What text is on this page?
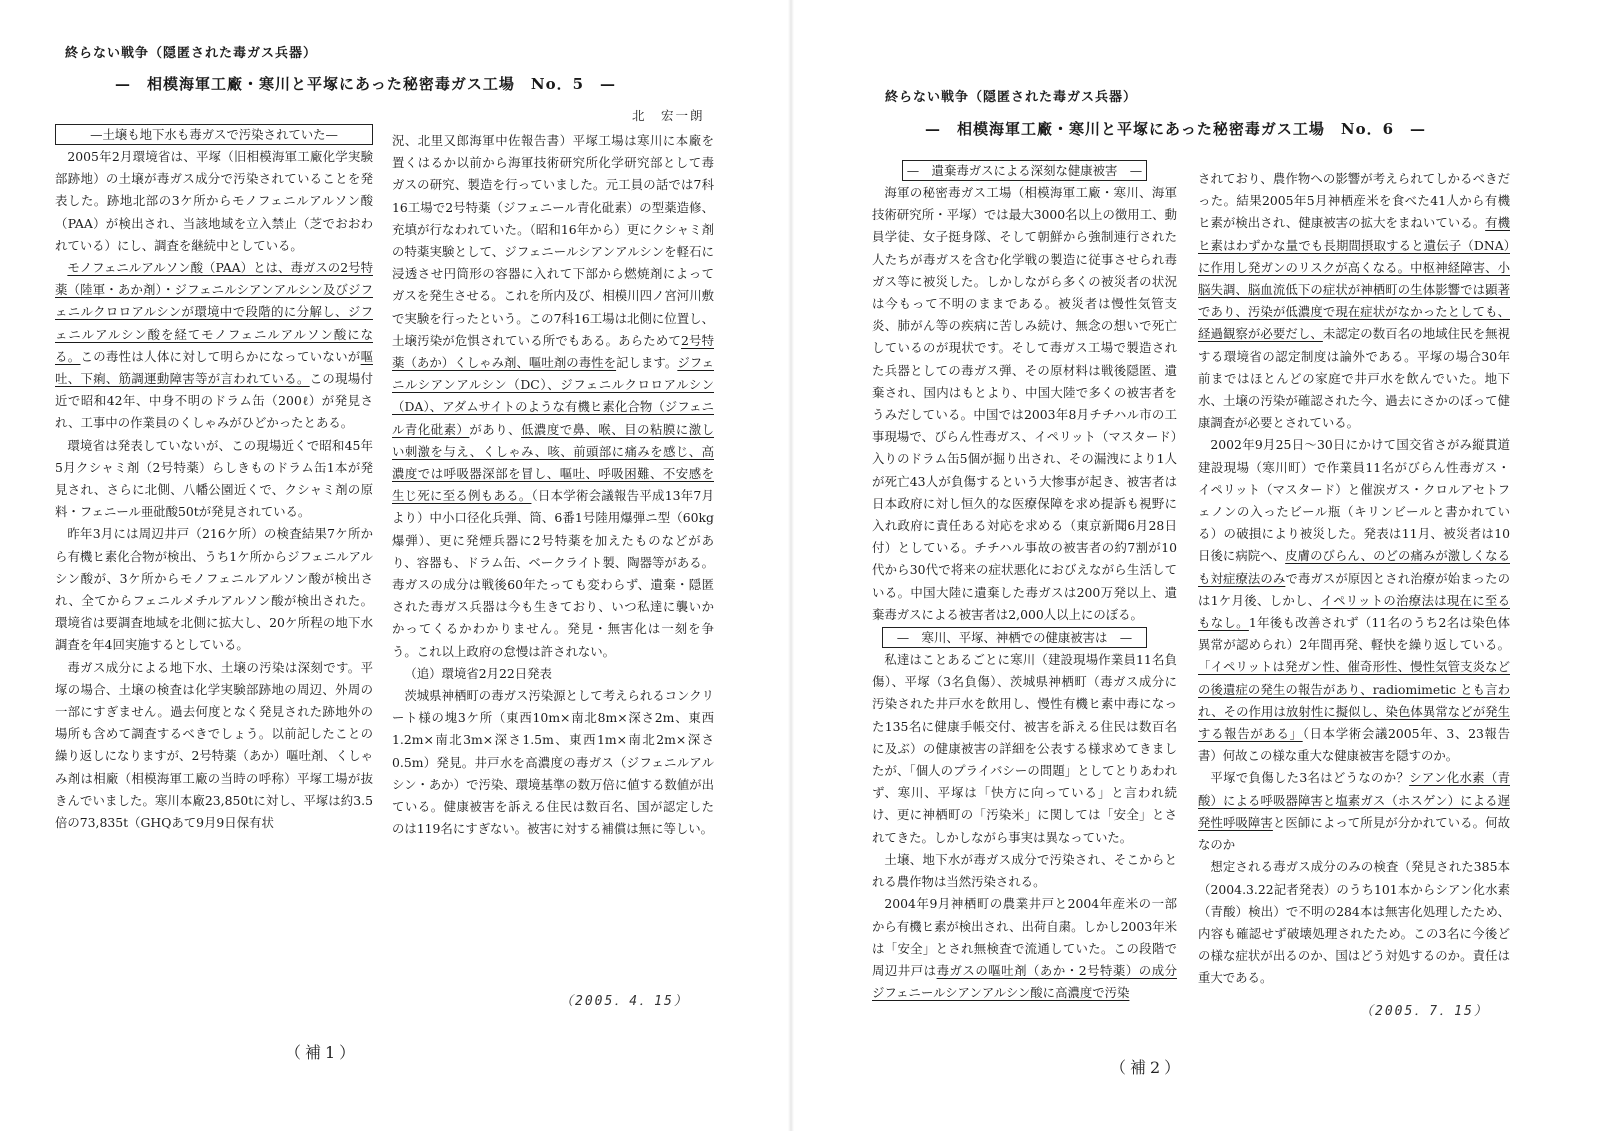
終らない戦争（隠匿された毒ガス兵器）
—　相模海軍工廠・寒川と平塚にあった秘密毒ガス工場　No．5　—
北　宏一朗
—土壌も地下水も毒ガスで汚染されていた—

2005年2月環境省は、平塚（旧相模海軍工廠化学実験部跡地）の土壌が毒ガス成分で汚染されていることを発表した。跡地北部の3ケ所からモノフェニルアルソン酸（PAA）が検出され、当該地域を立入禁止（芝でおおわれている）にし、調査を継続中としている。

モノフェニルアルソン酸（PAA）とは、毒ガスの2号特薬（陸軍・あか剤）・ジフェニルシアンアルシン及びジフェニルクロロアルシンが環境中で段階的に分解し、ジフェニルアルシン酸を経てモノフェニルアルソン酸になる。この毒性は人体に対して明らかになっていないが嘔吐、下痢、筋調運動障害等が言われている。この現場付近で昭和42年、中身不明のドラム缶（200ℓ）が発見され、工事中の作業員のくしゃみがひどかったとある。

環境省は発表していないが、この現場近くで昭和45年5月クシャミ剤（2号特薬）らしきものドラム缶1本が発見され、さらに北側、八幡公園近くで、クシャミ剤の原料・フェニール亜砒酸50tが発見されている。

昨年3月には周辺井戸（216ケ所）の検査結果7ケ所から有機ヒ素化合物が検出、うち1ケ所からジフェニルアルシン酸が、3ケ所からモノフェニルアルソン酸が検出され、全てからフェニルメチルアルソン酸が検出された。環境省は要調査地域を北側に拡大し、20ケ所程の地下水調査を年4回実施するとしている。

毒ガス成分による地下水、土壌の汚染は深刻です。平塚の場合、土壌の検査は化学実験部跡地の周辺、外周の一部にすぎません。過去何度となく発見された跡地外の場所も含めて調査するべきでしょう。以前記したことの繰り返しになりますが、2号特薬（あか）嘔吐剤、くしゃみ剤は相廠（相模海軍工廠の当時の呼称）平塚工場が抜きんでいました。寒川本廠23,850tに対し、平塚は約3.5倍の73,835t（GHQあて9月9日保有状

況、北里又郎海軍中佐報告書）平塚工場は寒川に本廠を置くはるか以前から海軍技術研究所化学研究部として毒ガスの研究、製造を行っていました。元工員の話では7科16工場で2号特薬（ジフェニール青化砒素）の型薬造修、充填が行なわれていた。（昭和16年から）更にクシャミ剤の特薬実験として、ジフェニールシアンアルシンを軽石に浸透させ円筒形の容器に入れて下部から燃焼剤によってガスを発生させる。これを所内及び、相模川四ノ宮河川敷で実験を行ったという。この7科16工場は北側に位置し、土壌汚染が危惧されている所でもある。あらためて2号特薬（あか）くしゃみ剤、嘔吐剤の毒性を記します。ジフェニルシアンアルシン（DC）、ジフェニルクロロアルシン（DA）、アダムサイトのような有機ヒ素化合物（ジフェニル青化砒素）があり、低濃度で鼻、喉、目の粘膜に激しい刺激を与え、くしゃみ、咳、前頭部に痛みを感じ、高濃度では呼吸器深部を冒し、嘔吐、呼吸困難、不安感を生じ死に至る例もある。（日本学術会議報告平成13年7月より）中小口径化兵弾、筒、6番1号陸用爆弾ニ型（60kg爆弾）、更に発煙兵器に2号特薬を加えたものなどがあり、容器も、ドラム缶、ベークライト製、陶器等がある。毒ガスの成分は戦後60年たっても変わらず、遺棄・隠匿された毒ガス兵器は今も生きており、いつ私達に襲いかかってくるかわかりません。発見・無害化は一刻を争う。これ以上政府の怠慢は許されない。

（追）環境省2月22日発表

茨城県神栖町の毒ガス汚染源として考えられるコンクリート様の塊3ケ所（東西10m×南北8m×深さ2m、東西1.2m×南北3m×深さ1.5m、東西1m×南北2m×深さ0.5m）発見。井戸水を高濃度の毒ガス（ジフェニルアルシン・あか）で汚染、環境基準の数万倍に値する数値が出ている。健康被害を訴える住民は数百名、国が認定したのは119名にすぎない。被害に対する補償は無に等しい。

（2005．4．15）
（補1）
終らない戦争（隠匿された毒ガス兵器）
—　相模海軍工廠・寒川と平塚にあった秘密毒ガス工場　No．6　—
—　遺棄毒ガスによる深刻な健康被害　—

海軍の秘密毒ガス工場（相模海軍工廠・寒川、海軍技術研究所・平塚）では最大3000名以上の徴用工、動員学徒、女子挺身隊、そして朝鮮から強制連行された人たちが毒ガスを含む化学戦の製造に従事させられ毒ガス等に被災した。しかしながら多くの被災者の状況は今もって不明のままである。被災者は慢性気管支炎、肺がん等の疾病に苦しみ続け、無念の想いで死亡しているのが現状です。そして毒ガス工場で製造された兵器としての毒ガス弾、その原材料は戦後隠匿、遺棄され、国内はもとより、中国大陸で多くの被害者をうみだしている。中国では2003年8月チチハル市の工事現場で、びらん性毒ガス、イペリット（マスタード）入りのドラム缶5個が掘り出され、その漏洩により1人が死亡43人が負傷するという大惨事が起き、被害者は日本政府に対し恒久的な医療保障を求め提訴も視野に入れ政府に責任ある対応を求める（東京新聞6月28日付）としている。チチハル事故の被害者の約7割が10代から30代で将来の症状悪化におびえながら生活している。中国大陸に遺棄した毒ガスは200万発以上、遺棄毒ガスによる被害者は2,000人以上にのぼる。

—　寒川、平塚、神栖での健康被害は　—

私達はことあるごとに寒川（建設現場作業員11名負傷）、平塚（3名負傷）、茨城県神栖町（毒ガス成分に汚染された井戸水を飲用し、慢性有機ヒ素中毒になった135名に健康手帳交付、被害を訴える住民は数百名に及ぶ）の健康被害の詳細を公表する様求めてきましたが、「個人のプライバシーの問題」としてとりあわれず、寒川、平塚は「快方に向っている」と言われ続け、更に神栖町の「汚染米」に関しては「安全」とされてきた。しかしながら事実は異なっていた。

土壌、地下水が毒ガス成分で汚染され、そこからとれる農作物は当然汚染される。

2004年9月神栖町の農業井戸と2004年産米の一部から有機ヒ素が検出され、出荷自粛。しかし2003年米は「安全」とされ無検査で流通していた。この段階で周辺井戸は毒ガスの嘔吐剤（あか・2号特薬）の成分ジフェニールシアンアルシン酸に高濃度で汚染

されており、農作物への影響が考えられてしかるべきだった。結果2005年5月神栖産米を食べた41人から有機ヒ素が検出され、健康被害の拡大をまねいている。有機ヒ素はわずかな量でも長期間摂取すると遺伝子（DNA）に作用し発ガンのリスクが高くなる。中枢神経障害、小脳失調、脳血流低下の症状が神栖町の生体影響では顕著であり、汚染が低濃度で現在症状がなかったとしても、経過観察が必要だし、未認定の数百名の地域住民を無視する環境省の認定制度は論外である。平塚の場合30年前まではほとんどの家庭で井戸水を飲んでいた。地下水、土壌の汚染が確認された今、過去にさかのぼって健康調査が必要とされている。

2002年9月25日～30日にかけて国交省さがみ縦貫道建設現場（寒川町）で作業員11名がびらん性毒ガス・イペリット（マスタード）と催涙ガス・クロルアセトフェノンの入ったビール瓶（キリンビールと書かれている）の破損により被災した。発表は11月、被災者は10日後に病院へ、皮膚のびらん、のどの痛みが激しくなるも対症療法のみで毒ガスが原因とされ治療が始まったのは1ケ月後、しかし、イペリットの治療法は現在に至るもなし。1年後も改善されず（11名のうち2名は染色体異常が認められ）2年間再発、軽快を繰り返している。「イペリットは発ガン性、催奇形性、慢性気管支炎などの後遺症の発生の報告があり、radiomimetic とも言われ、その作用は放射性に擬似し、染色体異常などが発生する報告がある」（日本学術会議2005年、3、23報告書）何故この様な重大な健康被害を隠すのか。

平塚で負傷した3名はどうなのか？シアン化水素（青酸）による呼吸器障害と塩素ガス（ホスゲン）による遅発性呼吸障害と医師によって所見が分かれている。何故なのか

想定される毒ガス成分のみの検査（発見された385本（2004.3.22記者発表）のうち101本からシアン化水素（青酸）検出）で不明の284本は無害化処理したため、内容も確認せず破壊処理されたため。この3名に今後どの様な症状が出るのか、国はどう対処するのか。責任は重大である。

（2005．7．15）
（補2）
